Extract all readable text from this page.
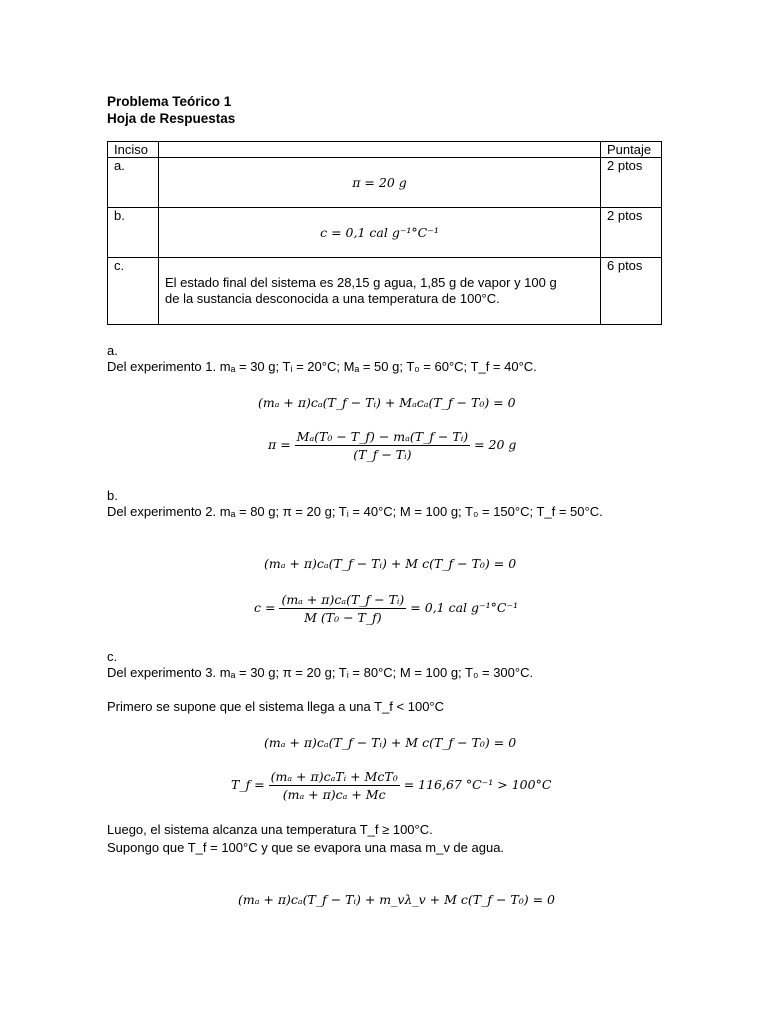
Problema Teórico 1
Hoja de Respuestas
Inciso		Puntaje
a.	π = 20 g	2 ptos
b.	c = 0,1 cal g⁻¹°C⁻¹	2 ptos
c.	El estado final del sistema es 28,15 g agua, 1,85 g de vapor y 100 g
de la sustancia desconocida a una temperatura de 100°C.	6 ptos
a.
Del experimento 1. mₐ = 30 g; Tᵢ = 20°C; Mₐ = 50 g; T₀ = 60°C; T_f = 40°C.
(mₐ + π)cₐ(T_f − Tᵢ) + Mₐcₐ(T_f − T₀) = 0
$\pi = \frac{\text{Mₐ(T₀ − T\_f) − mₐ(T\_f − Tᵢ)}}{\text{(T\_f − Tᵢ)}} = 20$ g
b.
Del experimento 2. mₐ = 80 g; π = 20 g; Tᵢ = 40°C; M = 100 g; T₀ = 150°C; T_f = 50°C.
(mₐ + π)cₐ(T_f − Tᵢ) + M c(T_f − T₀) = 0
$c = \frac{\text{(mₐ + π)cₐ(T\_f − Tᵢ)}}{\text{M (T₀ − T\_f)}} = 0,1$ cal g⁻¹°C⁻¹
c.
Del experimento 3. mₐ = 30 g; π = 20 g; Tᵢ = 80°C; M = 100 g; T₀ = 300°C.
Primero se supone que el sistema llega a una T_f < 100°C
(mₐ + π)cₐ(T_f − Tᵢ) + M c(T_f − T₀) = 0
T_f = $\frac{\text{(mₐ + π)cₐTᵢ + McT₀}}{\text{(mₐ + π)cₐ + Mc}} = 116,67$ °C⁻¹ > 100°C
Luego, el sistema alcanza una temperatura T_f ≥ 100°C.
Supongo que T_f = 100°C y que se evapora una masa m_v de agua.
(mₐ + π)cₐ(T_f − Tᵢ) + m_vλ_v + M c(T_f − T₀) = 0
